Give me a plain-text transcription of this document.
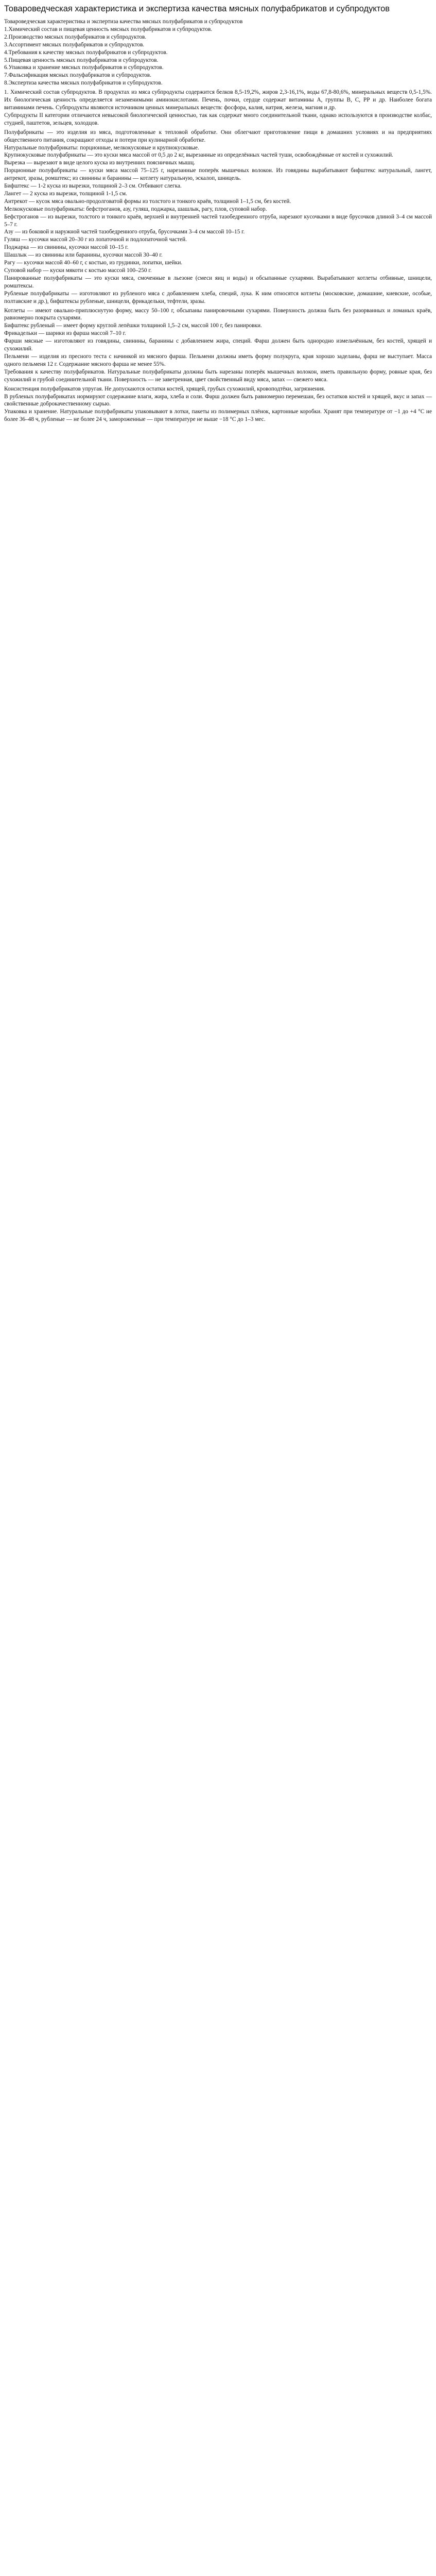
Товароведческая характеристика и экспертиза качества мясных полуфабрикатов и субпродуктов

Товароведческая характеристика и экспертиза качества мясных полуфабрикатов и субпродуктов

1.Химический состав и пищевая ценность мясных полуфабрикатов и субпродуктов.

2.Производство мясных полуфабрикатов и субпродуктов.

3.Ассортимент мясных полуфабрикатов и субпродуктов.

4.Требования к качеству мясных полуфабрикатов и субпродуктов.

5.Пищевая ценность мясных полуфабрикатов и субпродуктов.

6.Упаковка и хранение мясных полуфабрикатов и субпродуктов.

7.Фальсификация мясных полуфабрикатов и субпродуктов.

8.Экспертиза качества мясных полуфабрикатов и субпродуктов.

1. Химический состав субпродуктов. В продуктах из мяса субпродукты содержится белков 8,5-19,2%, жиров 2,3-16,1%, воды 67,8-80,6%, минеральных веществ 0,5-1,5%. Их биологическая ценность определяется незаменимыми аминокислотами. Печень, почки, сердце содержат витамины А, группы В, С, РР и др. Наиболее богата витаминами печень. Субпродукты являются источником ценных минеральных веществ: фосфора, калия, натрия, железа, магния и др.

Субпродукты II категории отличаются невысокой биологической ценностью, так как содержат много соединительной ткани, однако используются в производстве колбас, студней, паштетов, зельцев, холодцов.

Полуфабрикаты — это изделия из мяса, подготовленные к тепловой обработке. Они облегчают приготовление пищи в домашних условиях и на предприятиях общественного питания, сокращают отходы и потери при кулинарной обработке.

Натуральные полуфабрикаты: порционные, мелкокусковые и крупнокусковые.

Крупнокусковые полуфабрикаты — это куски мяса массой от 0,5 до 2 кг, вырезанные из определённых частей туши, освобождённые от костей и сухожилий.

Вырезка — вырезают в виде целого куска из внутренних поясничных мышц.

Порционные полуфабрикаты — куски мяса массой 75–125 г, нарезанные поперёк мышечных волокон. Из говядины вырабатывают бифштекс натуральный, лангет, антрекот, зразы, ромштекс; из свинины и баранины — котлету натуральную, эскалоп, шницель.

Бифштекс — 1-2 куска из вырезки, толщиной 2–3 см. Отбивают слегка.

Лангет — 2 куска из вырезки, толщиной 1-1,5 см.

Антрекот — кусок мяса овально-продолговатой формы из толстого и тонкого краёв, толщиной 1–1,5 см, без костей.

Мелкокусковые полуфабрикаты: бефстроганов, азу, гуляш, поджарка, шашлык, рагу, плов, суповой набор.

Бефстроганов — из вырезки, толстого и тонкого краёв, верхней и внутренней частей тазобедренного отруба, нарезают кусочками в виде брусочков длиной 3–4 см массой 5–7 г.

Азу — из боковой и наружной частей тазобедренного отруба, брусочками 3–4 см массой 10–15 г.

Гуляш — кусочки массой 20–30 г из лопаточной и подлопаточной частей.

Поджарка — из свинины, кусочки массой 10–15 г.

Шашлык — из свинины или баранины, кусочки массой 30–40 г.

Рагу — кусочки массой 40–60 г, с костью, из грудинки, лопатки, шейки.

Суповой набор — куски мякоти с костью массой 100–250 г.

Панированные полуфабрикаты — это куски мяса, смоченные в льезоне (смеси яиц и воды) и обсыпанные сухарями. Вырабатывают котлеты отбивные, шницели, ромштексы.

Рубленые полуфабрикаты — изготовляют из рубленого мяса с добавлением хлеба, специй, лука. К ним относятся котлеты (московские, домашние, киевские, особые, полтавские и др.), бифштексы рубленые, шницели, фрикадельки, тефтели, зразы.

Котлеты — имеют овально-приплюснутую форму, массу 50–100 г, обсыпаны панировочными сухарями. Поверхность должна быть без разорванных и ломаных краёв, равномерно покрыта сухарями.

Бифштекс рубленый — имеет форму круглой лепёшки толщиной 1,5–2 см, массой 100 г, без панировки.

Фрикадельки — шарики из фарша массой 7–10 г.

Фарши мясные — изготовляют из говядины, свинины, баранины с добавлением жира, специй. Фарш должен быть однородно измельчённым, без костей, хрящей и сухожилий.

Пельмени — изделия из пресного теста с начинкой из мясного фарша. Пельмени должны иметь форму полукруга, края хорошо заделаны, фарш не выступает. Масса одного пельменя 12 г. Содержание мясного фарша не менее 55%.

Требования к качеству полуфабрикатов. Натуральные полуфабрикаты должны быть нарезаны поперёк мышечных волокон, иметь правильную форму, ровные края, без сухожилий и грубой соединительной ткани. Поверхность — не заветренная, цвет свойственный виду мяса, запах — свежего мяса.

Консистенция полуфабрикатов упругая. Не допускаются остатки костей, хрящей, грубых сухожилий, кровоподтёки, загрязнения.

В рубленых полуфабрикатах нормируют содержание влаги, жира, хлеба и соли. Фарш должен быть равномерно перемешан, без остатков костей и хрящей, вкус и запах — свойственные доброкачественному сырью.

Упаковка и хранение. Натуральные полуфабрикаты упаковывают в лотки, пакеты из полимерных плёнок, картонные коробки. Хранят при температуре от −1 до +4 °С не более 36–48 ч, рубленые — не более 24 ч, замороженные — при температуре не выше −18 °С до 1–3 мес.
